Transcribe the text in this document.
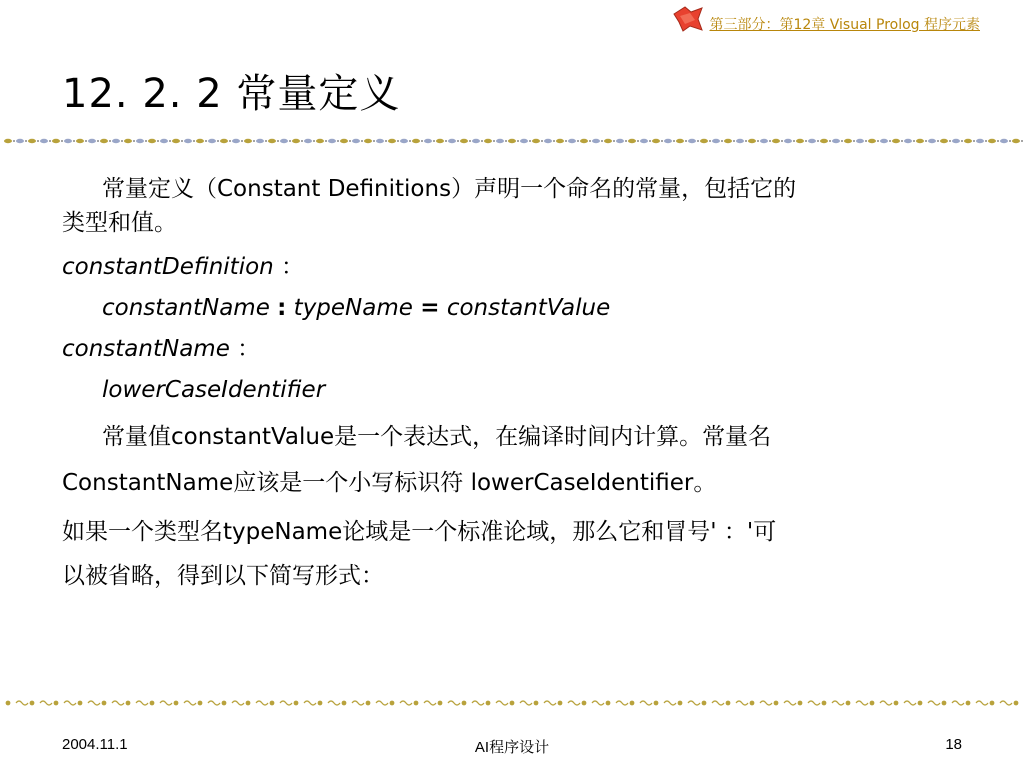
第三部分：第12章 Visual Prolog 程序元素
12. 2. 2 常量定义

常量定义（Constant Definitions）声明一个命名的常量，包括它的

类型和值。

constantDefinition ：

constantName : typeName = constantValue

constantName ：

lowerCaseIdentifier

常量值constantValue是一个表达式，在编译时间内计算。常量名

ConstantName应该是一个小写标识符 lowerCaseIdentifier。

如果一个类型名typeName论域是一个标准论域，那么它和冒号' ：'可

以被省略，得到以下简写形式：

2004.11.1	AI程序设计	18
